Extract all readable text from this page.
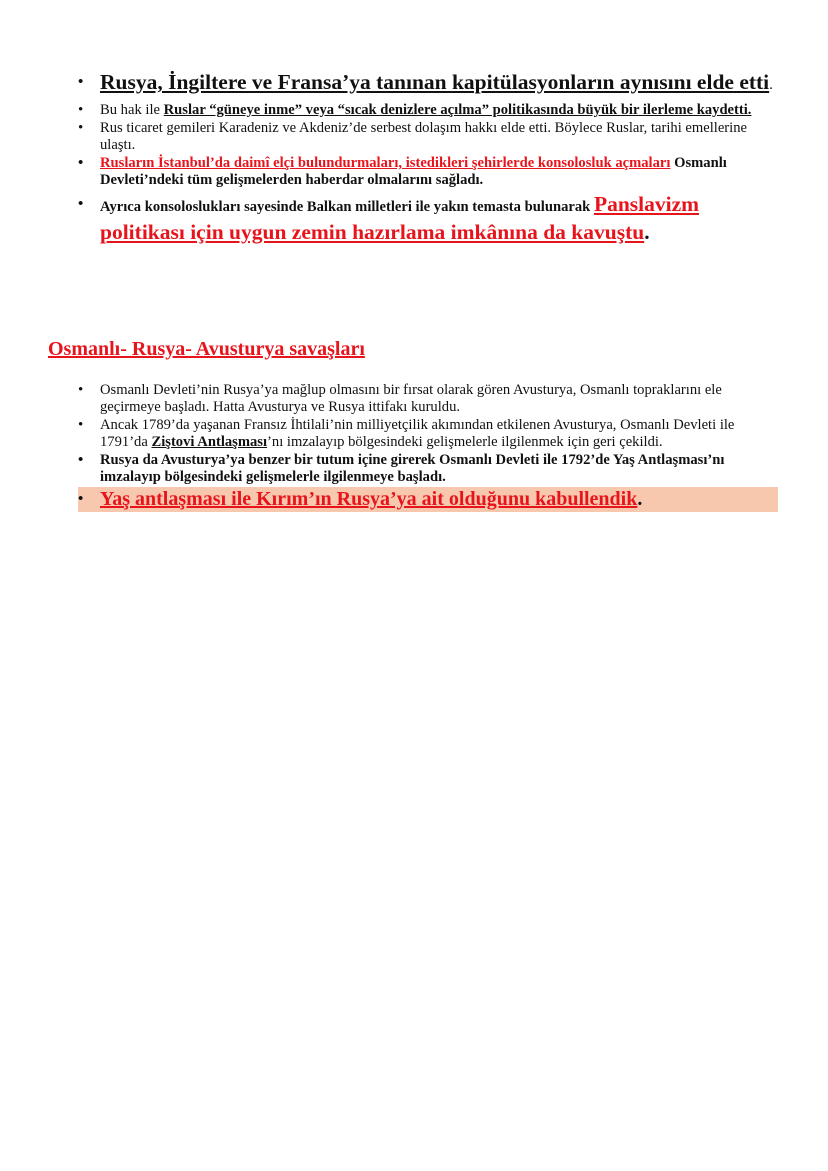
• Rusya, İngiltere ve Fransa’ya tanınan kapitülasyonların aynısını elde etti.
• Bu hak ile Ruslar “güneye inme” veya “sıcak denizlere açılma” politikasında büyük bir ilerleme kaydetti.
• Rus ticaret gemileri Karadeniz ve Akdeniz’de serbest dolaşım hakkı elde etti. Böylece Ruslar, tarihi emellerine ulaştı.
• Rusların İstanbul’da daimî elçi bulundurmaları, istedikleri şehirlerde konsolosluk açmaları Osmanlı Devleti’ndeki tüm gelişmelerden haberdar olmalarını sağladı.
• Ayrıca konsoloslukları sayesinde Balkan milletleri ile yakın temasta bulunarak Panslavizm politikası için uygun zemin hazırlama imkânına da kavuştu.
Osmanlı- Rusya- Avusturya savaşları
• Osmanlı Devleti’nin Rusya’ya mağlup olmasını bir fırsat olarak gören Avusturya, Osmanlı topraklarını ele geçirmeye başladı. Hatta Avusturya ve Rusya ittifakı kuruldu.
• Ancak 1789’da yaşanan Fransız İhtilali’nin milliyetçilik akımından etkilenen Avusturya, Osmanlı Devleti ile 1791’da Ziştovi Antlaşması’nı imzalayıp bölgesindeki gelişmelerle ilgilenmek için geri çekildi.
• Rusya da Avusturya’ya benzer bir tutum içine girerek Osmanlı Devleti ile 1792’de Yaş Antlaşması’nı imzalayıp bölgesindeki gelişmelerle ilgilenmeye başladı.
• Yaş antlaşması ile Kırım’ın Rusya’ya ait olduğunu kabullendik.
